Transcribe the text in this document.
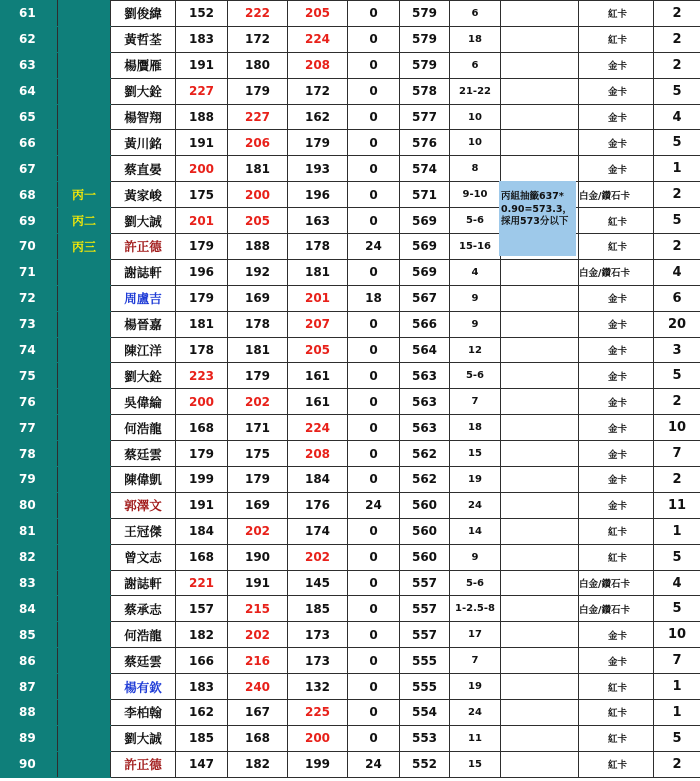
61		劉俊緯	152	222	205	0	579	6		紅卡	2
62		黃哲荃	183	172	224	0	579	18		紅卡	2
63		楊贋雁	191	180	208	0	579	6		金卡	2
64		劉大銓	227	179	172	0	578	21-22		金卡	5
65		楊智翔	188	227	162	0	577	10		金卡	4
66		黃川銘	191	206	179	0	576	10		金卡	5
67		蔡直晏	200	181	193	0	574	8		金卡	1
68	丙一	黃家峻	175	200	196	0	571	9-10		白金/鑽石卡	2
69	丙二	劉大誠	201	205	163	0	569	5-6		紅卡	5
70	丙三	許正德	179	188	178	24	569	15-16		紅卡	2
71		謝誌軒	196	192	181	0	569	4		白金/鑽石卡	4
72		周盧吉	179	169	201	18	567	9		金卡	6
73		楊晉嘉	181	178	207	0	566	9		金卡	20
74		陳江洋	178	181	205	0	564	12		金卡	3
75		劉大銓	223	179	161	0	563	5-6		金卡	5
76		吳偉綸	200	202	161	0	563	7		金卡	2
77		何浩龍	168	171	224	0	563	18		金卡	10
78		蔡廷雲	179	175	208	0	562	15		金卡	7
79		陳偉凱	199	179	184	0	562	19		金卡	2
80		郭澤文	191	169	176	24	560	24		金卡	11
81		王冠傑	184	202	174	0	560	14		紅卡	1
82		曾文志	168	190	202	0	560	9		紅卡	5
83		謝誌軒	221	191	145	0	557	5-6		白金/鑽石卡	4
84		蔡承志	157	215	185	0	557	1-2.5-8		白金/鑽石卡	5
85		何浩龍	182	202	173	0	557	17		金卡	10
86		蔡廷雲	166	216	173	0	555	7		金卡	7
87		楊有欽	183	240	132	0	555	19		紅卡	1
88		李柏翰	162	167	225	0	554	24		紅卡	1
89		劉大誠	185	168	200	0	553	11		紅卡	5
90		許正德	147	182	199	24	552	15		紅卡	2
丙組抽籤637*0.90=573.3，採用573分以下
